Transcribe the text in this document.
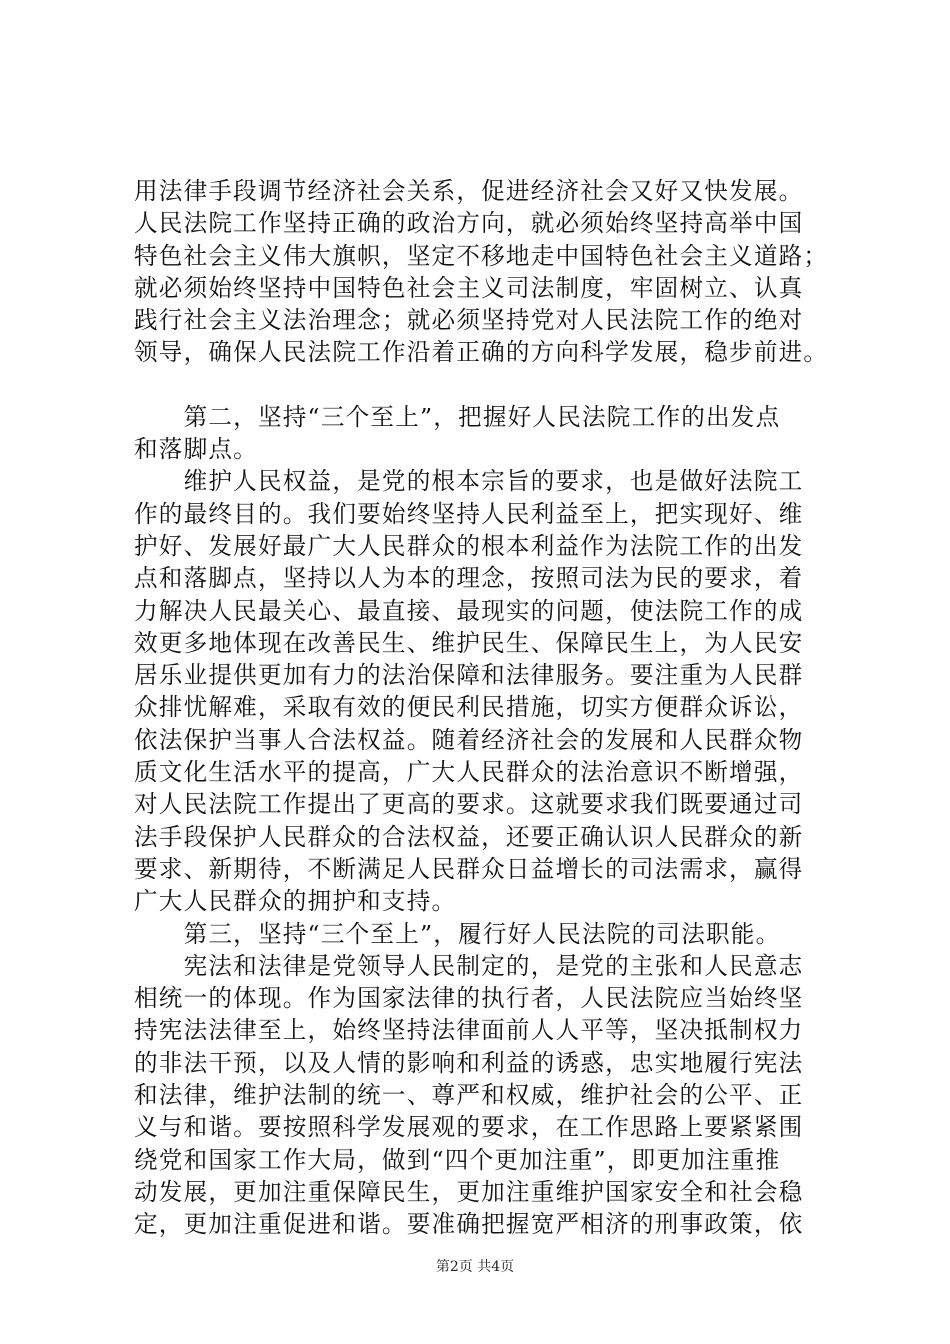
用法律手段调节经济社会关系，促进经济社会又好又快发展。
人民法院工作坚持正确的政治方向，就必须始终坚持高举中国
特色社会主义伟大旗帜，坚定不移地走中国特色社会主义道路；
就必须始终坚持中国特色社会主义司法制度，牢固树立、认真
践行社会主义法治理念；就必须坚持党对人民法院工作的绝对
领导，确保人民法院工作沿着正确的方向科学发展，稳步前进。
　　第二，坚持“三个至上”，把握好人民法院工作的出发点
和落脚点。
　　维护人民权益，是党的根本宗旨的要求，也是做好法院工
作的最终目的。我们要始终坚持人民利益至上，把实现好、维
护好、发展好最广大人民群众的根本利益作为法院工作的出发
点和落脚点，坚持以人为本的理念，按照司法为民的要求，着
力解决人民最关心、最直接、最现实的问题，使法院工作的成
效更多地体现在改善民生、维护民生、保障民生上，为人民安
居乐业提供更加有力的法治保障和法律服务。要注重为人民群
众排忧解难，采取有效的便民利民措施，切实方便群众诉讼，
依法保护当事人合法权益。随着经济社会的发展和人民群众物
质文化生活水平的提高，广大人民群众的法治意识不断增强，
对人民法院工作提出了更高的要求。这就要求我们既要通过司
法手段保护人民群众的合法权益，还要正确认识人民群众的新
要求、新期待，不断满足人民群众日益增长的司法需求，赢得
广大人民群众的拥护和支持。
　　第三，坚持“三个至上”，履行好人民法院的司法职能。
　　宪法和法律是党领导人民制定的，是党的主张和人民意志
相统一的体现。作为国家法律的执行者，人民法院应当始终坚
持宪法法律至上，始终坚持法律面前人人平等，坚决抵制权力
的非法干预，以及人情的影响和利益的诱惑，忠实地履行宪法
和法律，维护法制的统一、尊严和权威，维护社会的公平、正
义与和谐。要按照科学发展观的要求，在工作思路上要紧紧围
绕党和国家工作大局，做到“四个更加注重”，即更加注重推
动发展，更加注重保障民生，更加注重维护国家安全和社会稳
定，更加注重促进和谐。要准确把握宽严相济的刑事政策，依
第2页 共4页
